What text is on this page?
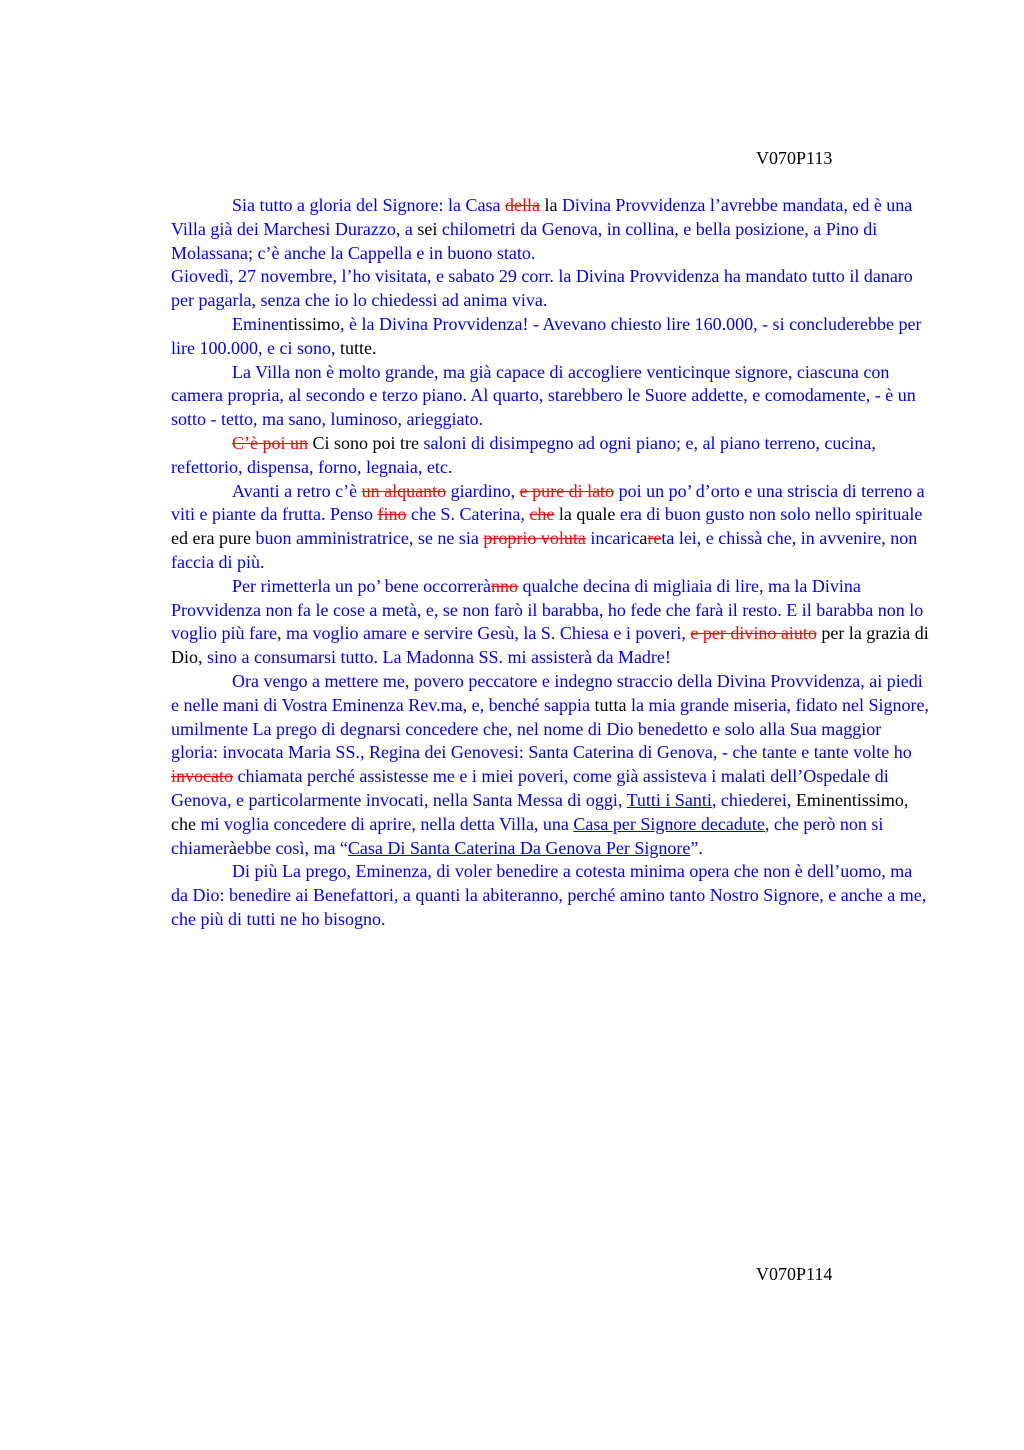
V070P113

Sia tutto a gloria del Signore: la Casa della la Divina Provvidenza l’avrebbe mandata, ed è una Villa già dei Marchesi Durazzo, a sei chilometri da Genova, in collina, e bella posizione, a Pino di Molassana; c’è anche la Cappella e in buono stato.

Giovedì, 27 novembre, l’ho visitata, e sabato 29 corr. la Divina Provvidenza ha mandato tutto il danaro per pagarla, senza che io lo chiedessi ad anima viva.

Eminentissimo, è la Divina Provvidenza! - Avevano chiesto lire 160.000, - si concluderebbe per lire 100.000, e ci sono, tutte.

La Villa non è molto grande, ma già capace di accogliere venticinque signore, ciascuna con camera propria, al secondo e terzo piano. Al quarto, starebbero le Suore addette, e comodamente, - è un sotto - tetto, ma sano, luminoso, arieggiato.

C’è poi un Ci sono poi tre saloni di disimpegno ad ogni piano; e, al piano terreno, cucina, refettorio, dispensa, forno, legnaia, etc.

Avanti a retro c’è un alquanto giardino, e pure di lato poi un po’ d’orto e una striscia di terreno a viti e piante da frutta. Penso fino che S. Caterina, che la quale era di buon gusto non solo nello spirituale ed era pure buon amministratrice, se ne sia proprio voluta incaricareta lei, e chissà che, in avvenire, non faccia di più.

Per rimetterla un po’ bene occorrerànno qualche decina di migliaia di lire, ma la Divina Provvidenza non fa le cose a metà, e, se non farò il barabba, ho fede che farà il resto. E il barabba non lo voglio più fare, ma voglio amare e servire Gesù, la S. Chiesa e i poveri, e per divino aiuto per la grazia di Dio, sino a consumarsi tutto. La Madonna SS. mi assisterà da Madre!

Ora vengo a mettere me, povero peccatore e indegno straccio della Divina Provvidenza, ai piedi e nelle mani di Vostra Eminenza Rev.ma, e, benché sappia tutta la mia grande miseria, fidato nel Signore, umilmente La prego di degnarsi concedere che, nel nome di Dio benedetto e solo alla Sua maggior gloria: invocata Maria SS., Regina dei Genovesi: Santa Caterina di Genova, - che tante e tante volte ho invocato chiamata perché assistesse me e i miei poveri, come già assisteva i malati dell’Ospedale di Genova, e particolarmente invocati, nella Santa Messa di oggi, Tutti i Santi, chiederei, Eminentissimo, che mi voglia concedere di aprire, nella detta Villa, una Casa per Signore decadute, che però non si chiameràebbe così, ma “Casa Di Santa Caterina Da Genova Per Signore”.

Di più La prego, Eminenza, di voler benedire a cotesta minima opera che non è dell’uomo, ma da Dio: benedire ai Benefattori, a quanti la abiteranno, perché amino tanto Nostro Signore, e anche a me, che più di tutti ne ho bisogno.

V070P114
